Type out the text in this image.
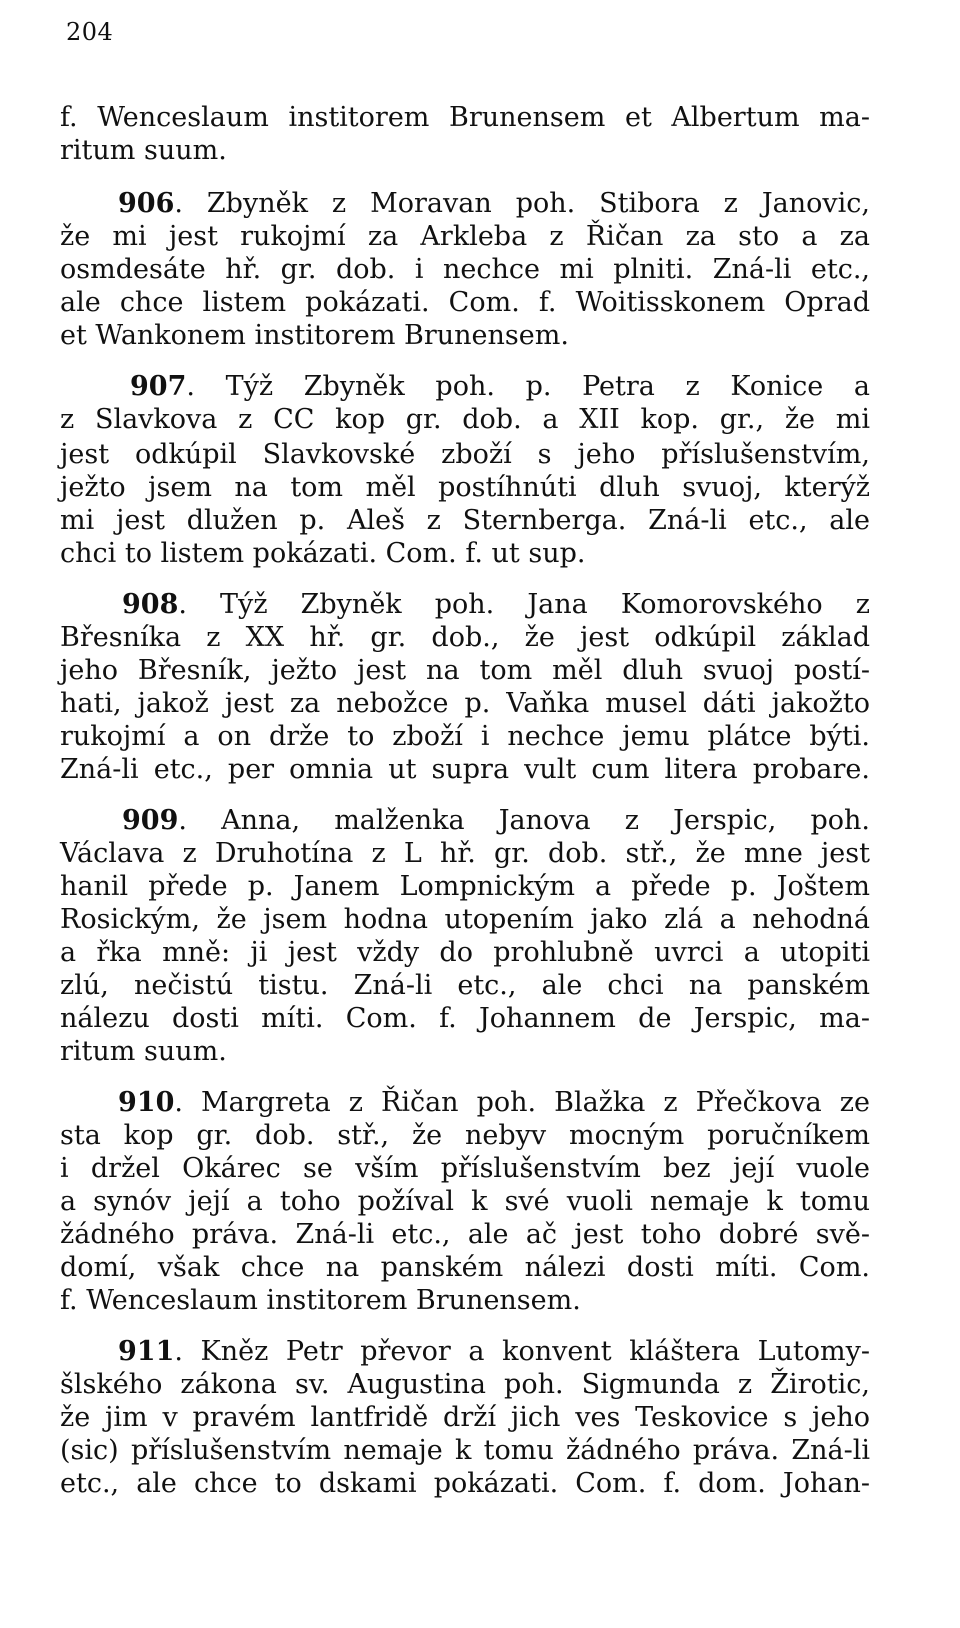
204
f. Wenceslaum institorem Brunensem et Albertum ma-
ritum suum.
906. Zbyněk z Moravan poh. Stibora z Janovic,
že mi jest rukojmí za Arkleba z Řičan za sto a za
osmdesáte hř. gr. dob. i nechce mi plniti. Zná-li etc.,
ale chce listem pokázati. Com. f. Woitisskonem Oprad
et Wankonem institorem Brunensem.
907. Týž Zbyněk poh. p. Petra z Konice a
z Slavkova z CC kop gr. dob. a XII kop. gr., že mi
jest odkúpil Slavkovské zboží s jeho příslušenstvím,
ježto jsem na tom měl postíhnúti dluh svuoj, kterýž
mi jest dlužen p. Aleš z Sternberga. Zná-li etc., ale
chci to listem pokázati. Com. f. ut sup.
908. Týž Zbyněk poh. Jana Komorovského z
Břesníka z XX hř. gr. dob., že jest odkúpil základ
jeho Břesník, ježto jest na tom měl dluh svuoj postí-
hati, jakož jest za nebožce p. Vaňka musel dáti jakožto
rukojmí a on drže to zboží i nechce jemu plátce býti.
Zná-li etc., per omnia ut supra vult cum litera probare.
909. Anna, malženka Janova z Jerspic, poh.
Václava z Druhotína z L hř. gr. dob. stř., že mne jest
hanil přede p. Janem Lompnickým a přede p. Joštem
Rosickým, že jsem hodna utopením jako zlá a nehodná
a řka mně: ji jest vždy do prohlubně uvrci a utopiti
zlú, nečistú tistu. Zná-li etc., ale chci na panském
nálezu dosti míti. Com. f. Johannem de Jerspic, ma-
ritum suum.
910. Margreta z Řičan poh. Blažka z Přečkova ze
sta kop gr. dob. stř., že nebyv mocným poručníkem
i držel Okárec se vším příslušenstvím bez její vuole
a synóv její a toho požíval k své vuoli nemaje k tomu
žádného práva. Zná-li etc., ale ač jest toho dobré svě-
domí, však chce na panském nálezi dosti míti. Com.
f. Wenceslaum institorem Brunensem.
911. Kněz Petr převor a konvent kláštera Lutomy-
šlského zákona sv. Augustina poh. Sigmunda z Žirotic,
že jim v pravém lantfridě drží jich ves Teskovice s jeho
(sic) příslušenstvím nemaje k tomu žádného práva. Zná-li
etc., ale chce to dskami pokázati. Com. f. dom. Johan-
